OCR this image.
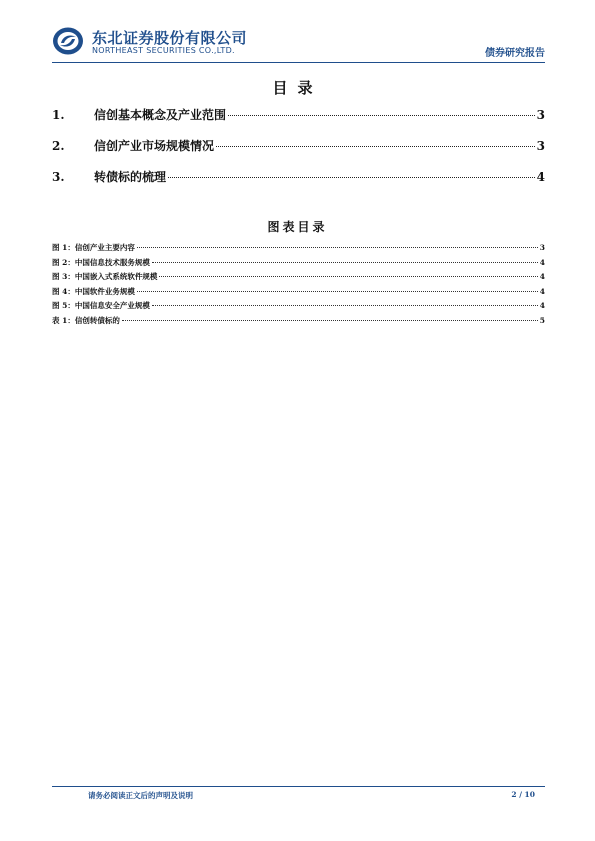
东北证券股份有限公司
NORTHEAST SECURITIES CO.,LTD.	债券研究报告
目录
1.	信创基本概念及产业范围	3
2.	信创产业市场规模情况	3
3.	转债标的梳理	4
图表目录
图 1：信创产业主要内容	3
图 2：中国信息技术服务规模	4
图 3：中国嵌入式系统软件规模	4
图 4：中国软件业务规模	4
图 5：中国信息安全产业规模	4
表 1：信创转债标的	5
请务必阅读正文后的声明及说明	2 / 10
